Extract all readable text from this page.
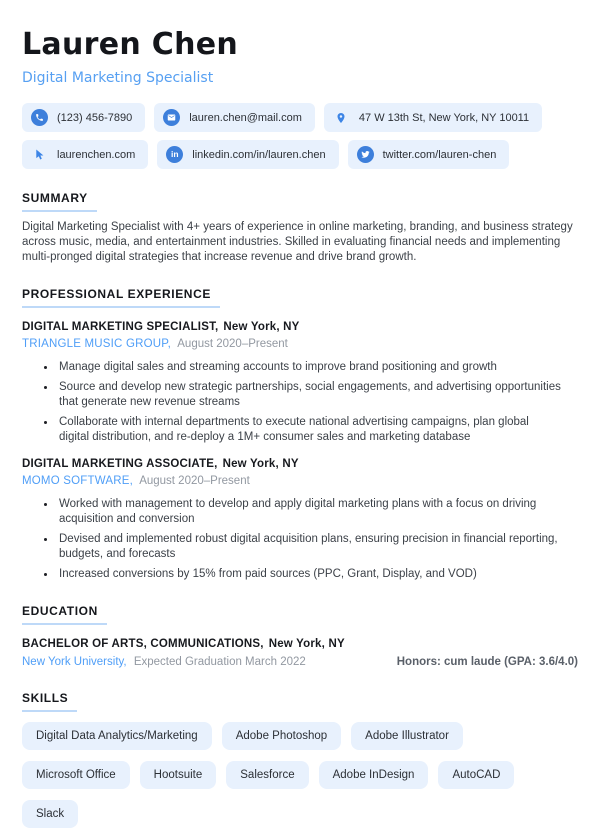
Lauren Chen
Digital Marketing Specialist
(123) 456-7890	lauren.chen@mail.com	47 W 13th St, New York, NY 10011
laurenchen.com	in linkedin.com/in/lauren.chen	twitter.com/lauren-chen
SUMMARY

Digital Marketing Specialist with 4+ years of experience in online marketing, branding, and business strategy across music, media, and entertainment industries. Skilled in evaluating financial needs and implementing multi-pronged digital strategies that increase revenue and drive brand growth.

PROFESSIONAL EXPERIENCE
DIGITAL MARKETING SPECIALIST, New York, NY
TRIANGLE MUSIC GROUP, August 2020–Present
• Manage digital sales and streaming accounts to improve brand positioning and growth
• Source and develop new strategic partnerships, social engagements, and advertising opportunities that generate new revenue streams
• Collaborate with internal departments to execute national advertising campaigns, plan global digital distribution, and re-deploy a 1M+ consumer sales and marketing database
DIGITAL MARKETING ASSOCIATE, New York, NY
MOMO SOFTWARE, August 2020–Present
• Worked with management to develop and apply digital marketing plans with a focus on driving acquisition and conversion
• Devised and implemented robust digital acquisition plans, ensuring precision in financial reporting, budgets, and forecasts
• Increased conversions by 15% from paid sources (PPC, Grant, Display, and VOD)
EDUCATION
BACHELOR OF ARTS, COMMUNICATIONS, New York, NY
New York University, Expected Graduation March 2022	Honors: cum laude (GPA: 3.6/4.0)
SKILLS
Digital Data Analytics/Marketing	Adobe Photoshop	Adobe Illustrator
Microsoft Office	Hootsuite	Salesforce	Adobe InDesign	AutoCAD
Slack
